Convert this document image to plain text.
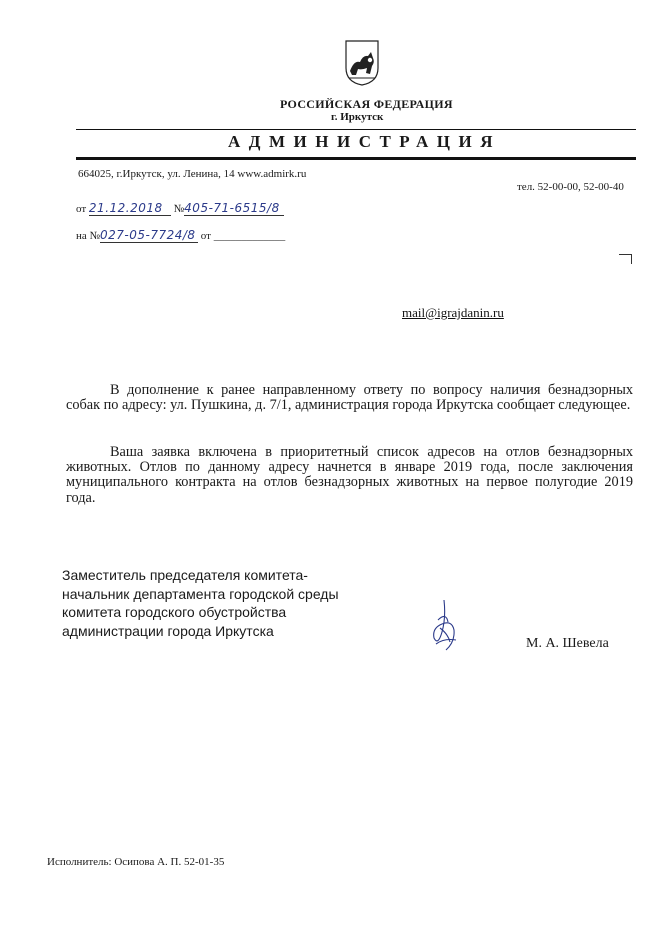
РОССИЙСКАЯ ФЕДЕРАЦИЯ
г. Иркутск
АДМИНИСТРАЦИЯ
664025, г.Иркутск, ул. Ленина, 14 www.admirk.ru
тел. 52-00-00, 52-00-40
от 21.12.2018 №405-71-6515/8
на №027-05-7724/8 от _____________
mail@igrajdanin.ru

В дополнение к ранее направленному ответу по вопросу наличия безнадзорных собак по адресу: ул. Пушкина, д. 7/1, администрация города Иркутска сообщает следующее.

Ваша заявка включена в приоритетный список адресов на отлов безнадзорных животных. Отлов по данному адресу начнется в январе 2019 года, после заключения муниципального контракта на отлов безнадзорных животных на первое полугодие 2019 года.

Заместитель председателя комитета-
начальник департамента городской среды
комитета городского обустройства
администрации города Иркутска
М. А. Шевела
Исполнитель: Осипова А. П. 52-01-35
